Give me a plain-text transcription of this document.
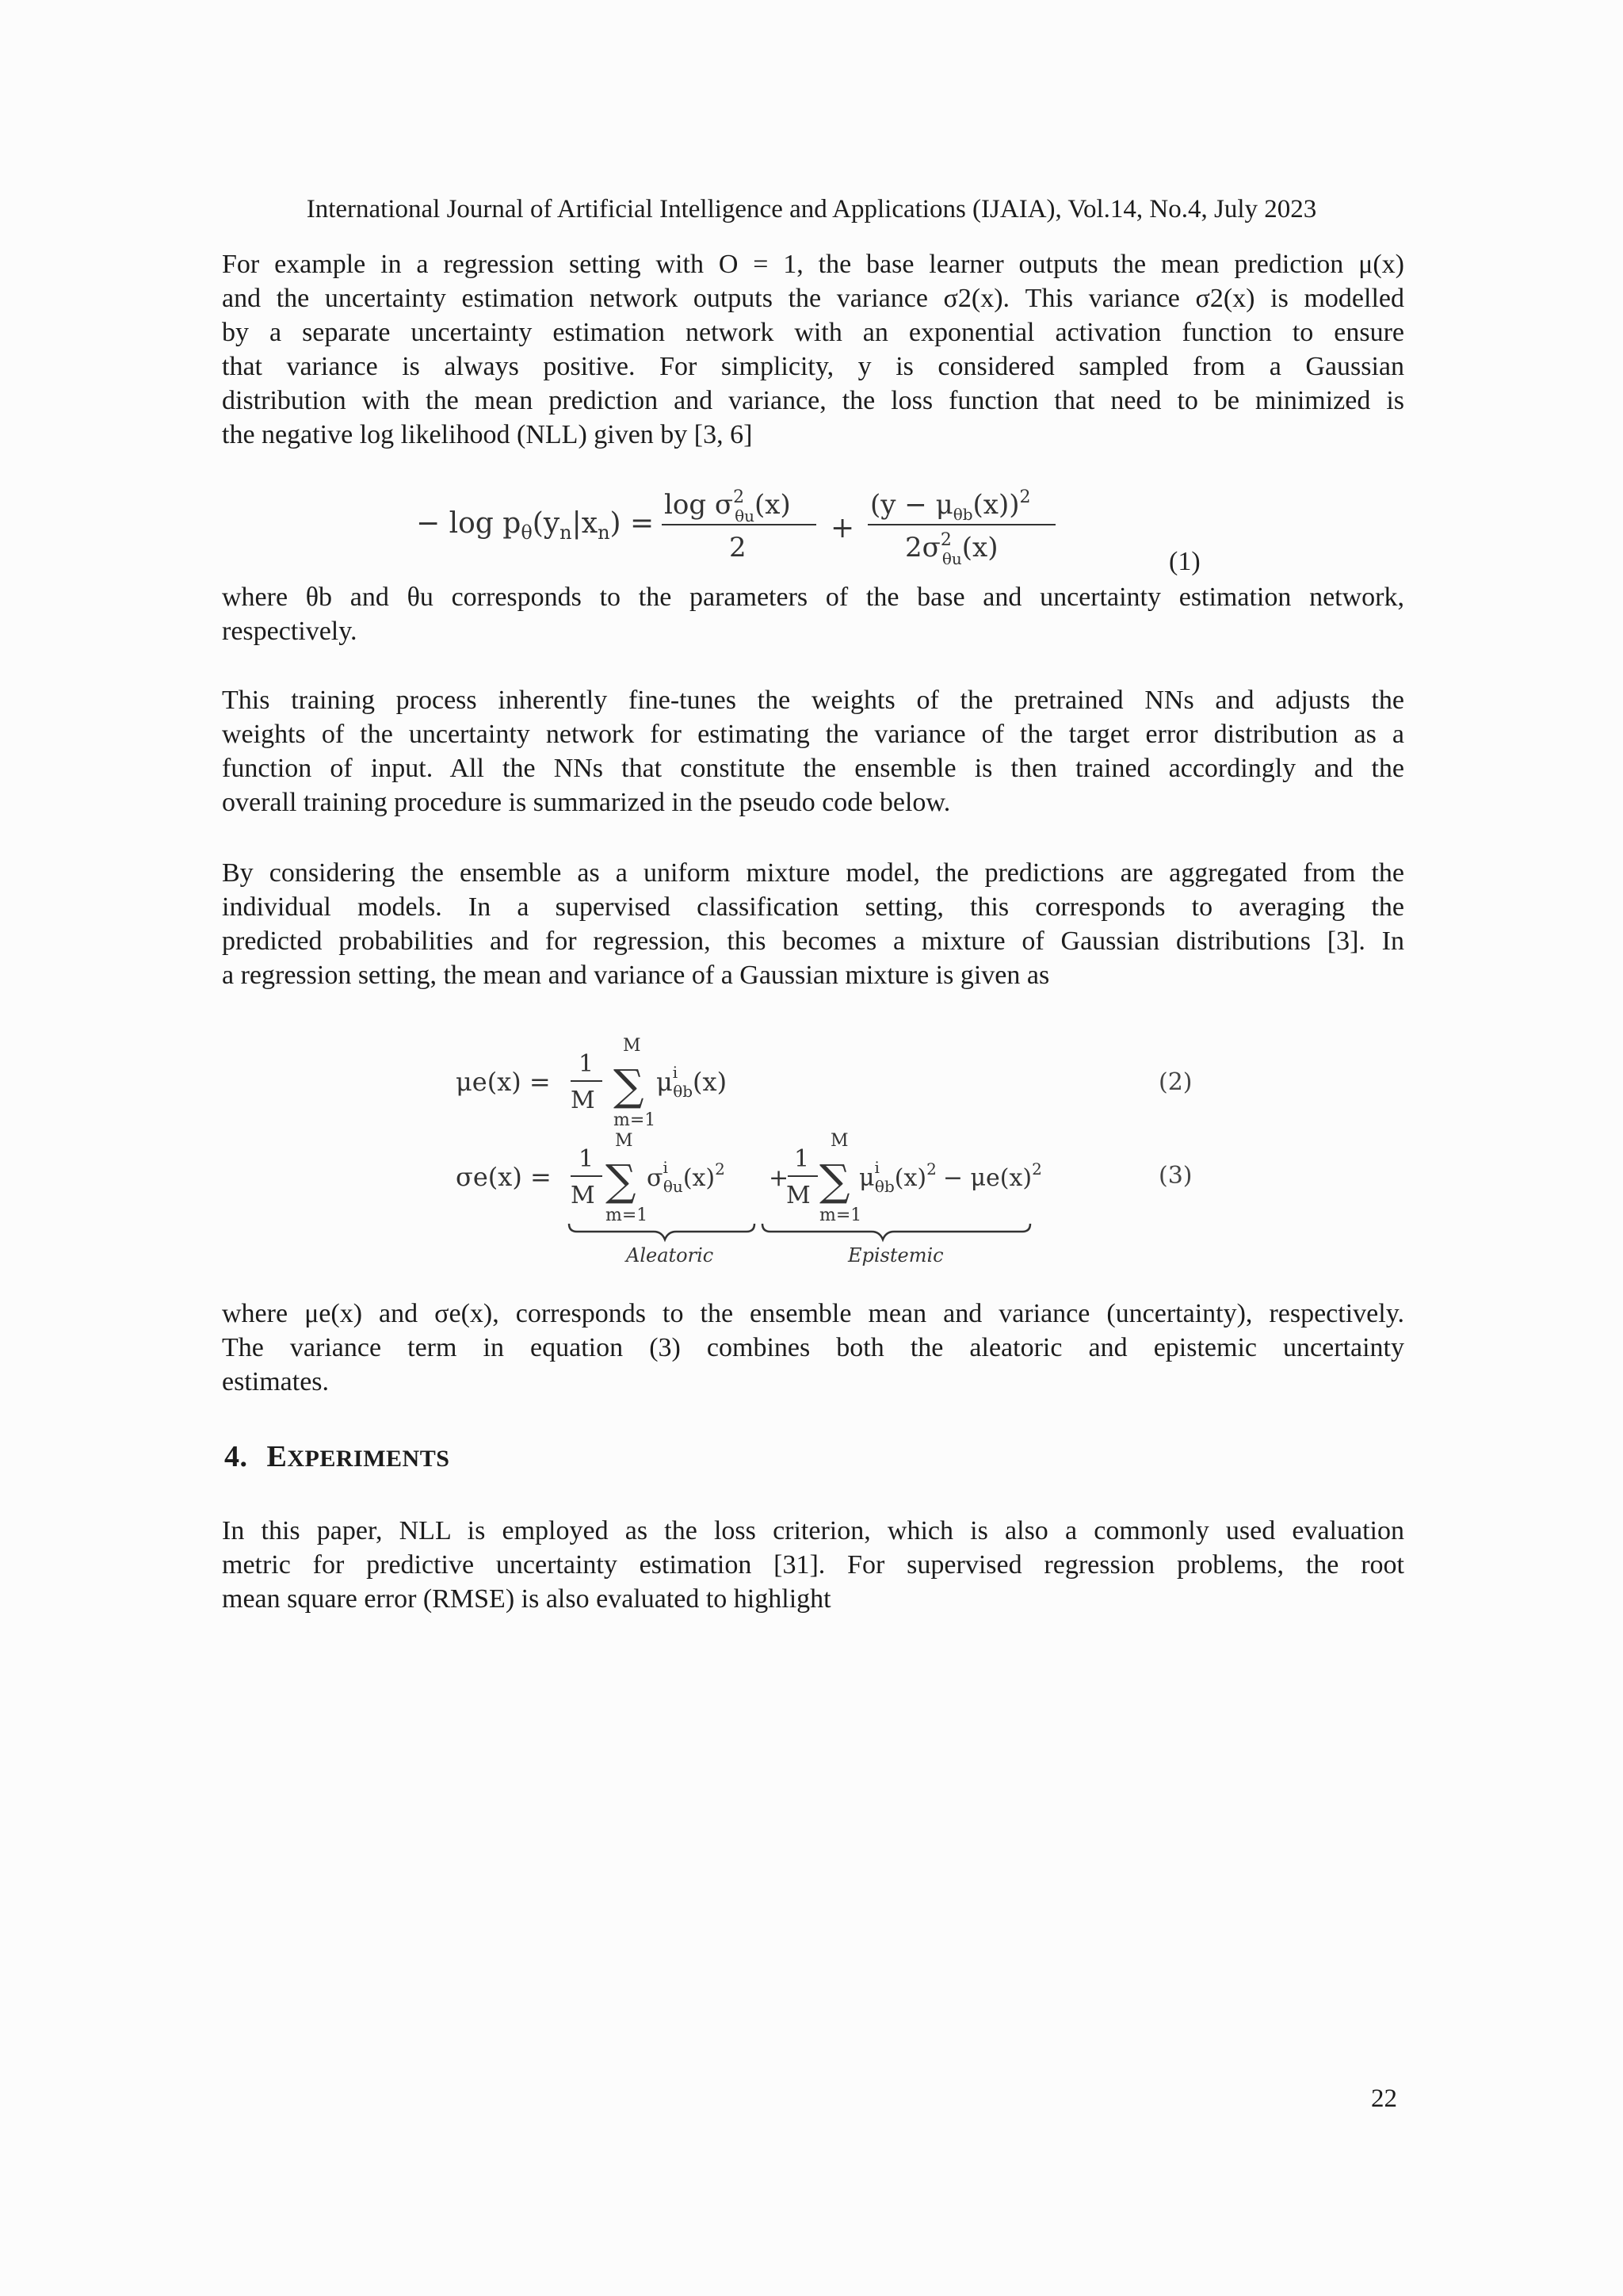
International Journal of Artificial Intelligence and Applications (IJAIA), Vol.14, No.4, July 2023
For example in a regression setting with O = 1, the base learner outputs the mean prediction μ(x)
and the uncertainty estimation network outputs the variance σ2(x). This variance σ2(x) is modelled
by a separate uncertainty estimation network with an exponential activation function to ensure
that variance is always positive. For simplicity, y is considered sampled from a Gaussian
distribution with the mean prediction and variance, the loss function that need to be minimized is
the negative log likelihood (NLL) given by [3, 6]
− $\log p_\theta(y_n|x_n)$ =
$\log \sigma^2$ θu(x)
2
+
$(y - \mu_{\theta b}(x))^2$
$2\sigma^2$ θu(x)	(1)
where θb and θu corresponds to the parameters of the base and uncertainty estimation network,
respectively.
This training process inherently fine-tunes the weights of the pretrained NNs and adjusts the
weights of the uncertainty network for estimating the variance of the target error distribution as a
function of input. All the NNs that constitute the ensemble is then trained accordingly and the
overall training procedure is summarized in the pseudo code below.
By considering the ensemble as a uniform mixture model, the predictions are aggregated from the
individual models. In a supervised classification setting, this corresponds to averaging the
predicted probabilities and for regression, this becomes a mixture of Gaussian distributions [3]. In
a regression setting, the mean and variance of a Gaussian mixture is given as
μe(x) =
1
M
M
∑
m=1
$\mu^i$ θb(x)
σe(x) =
1
M
M
∑
m=1
$\sigma^i$ $\theta u(x)^2$ +
1
M
M
∑
m=1
$\mu^i$ $\theta b(x)^2 - \mu e(x)^2$
Aleatoric	Epistemic
(2)
(3)
where μe(x) and σe(x), corresponds to the ensemble mean and variance (uncertainty), respectively.
The variance term in equation (3) combines both the aleatoric and epistemic uncertainty
estimates.
4. EXPERIMENTS
In this paper, NLL is employed as the loss criterion, which is also a commonly used evaluation
metric for predictive uncertainty estimation [31]. For supervised regression problems, the root
mean square error (RMSE) is also evaluated to highlight
22
